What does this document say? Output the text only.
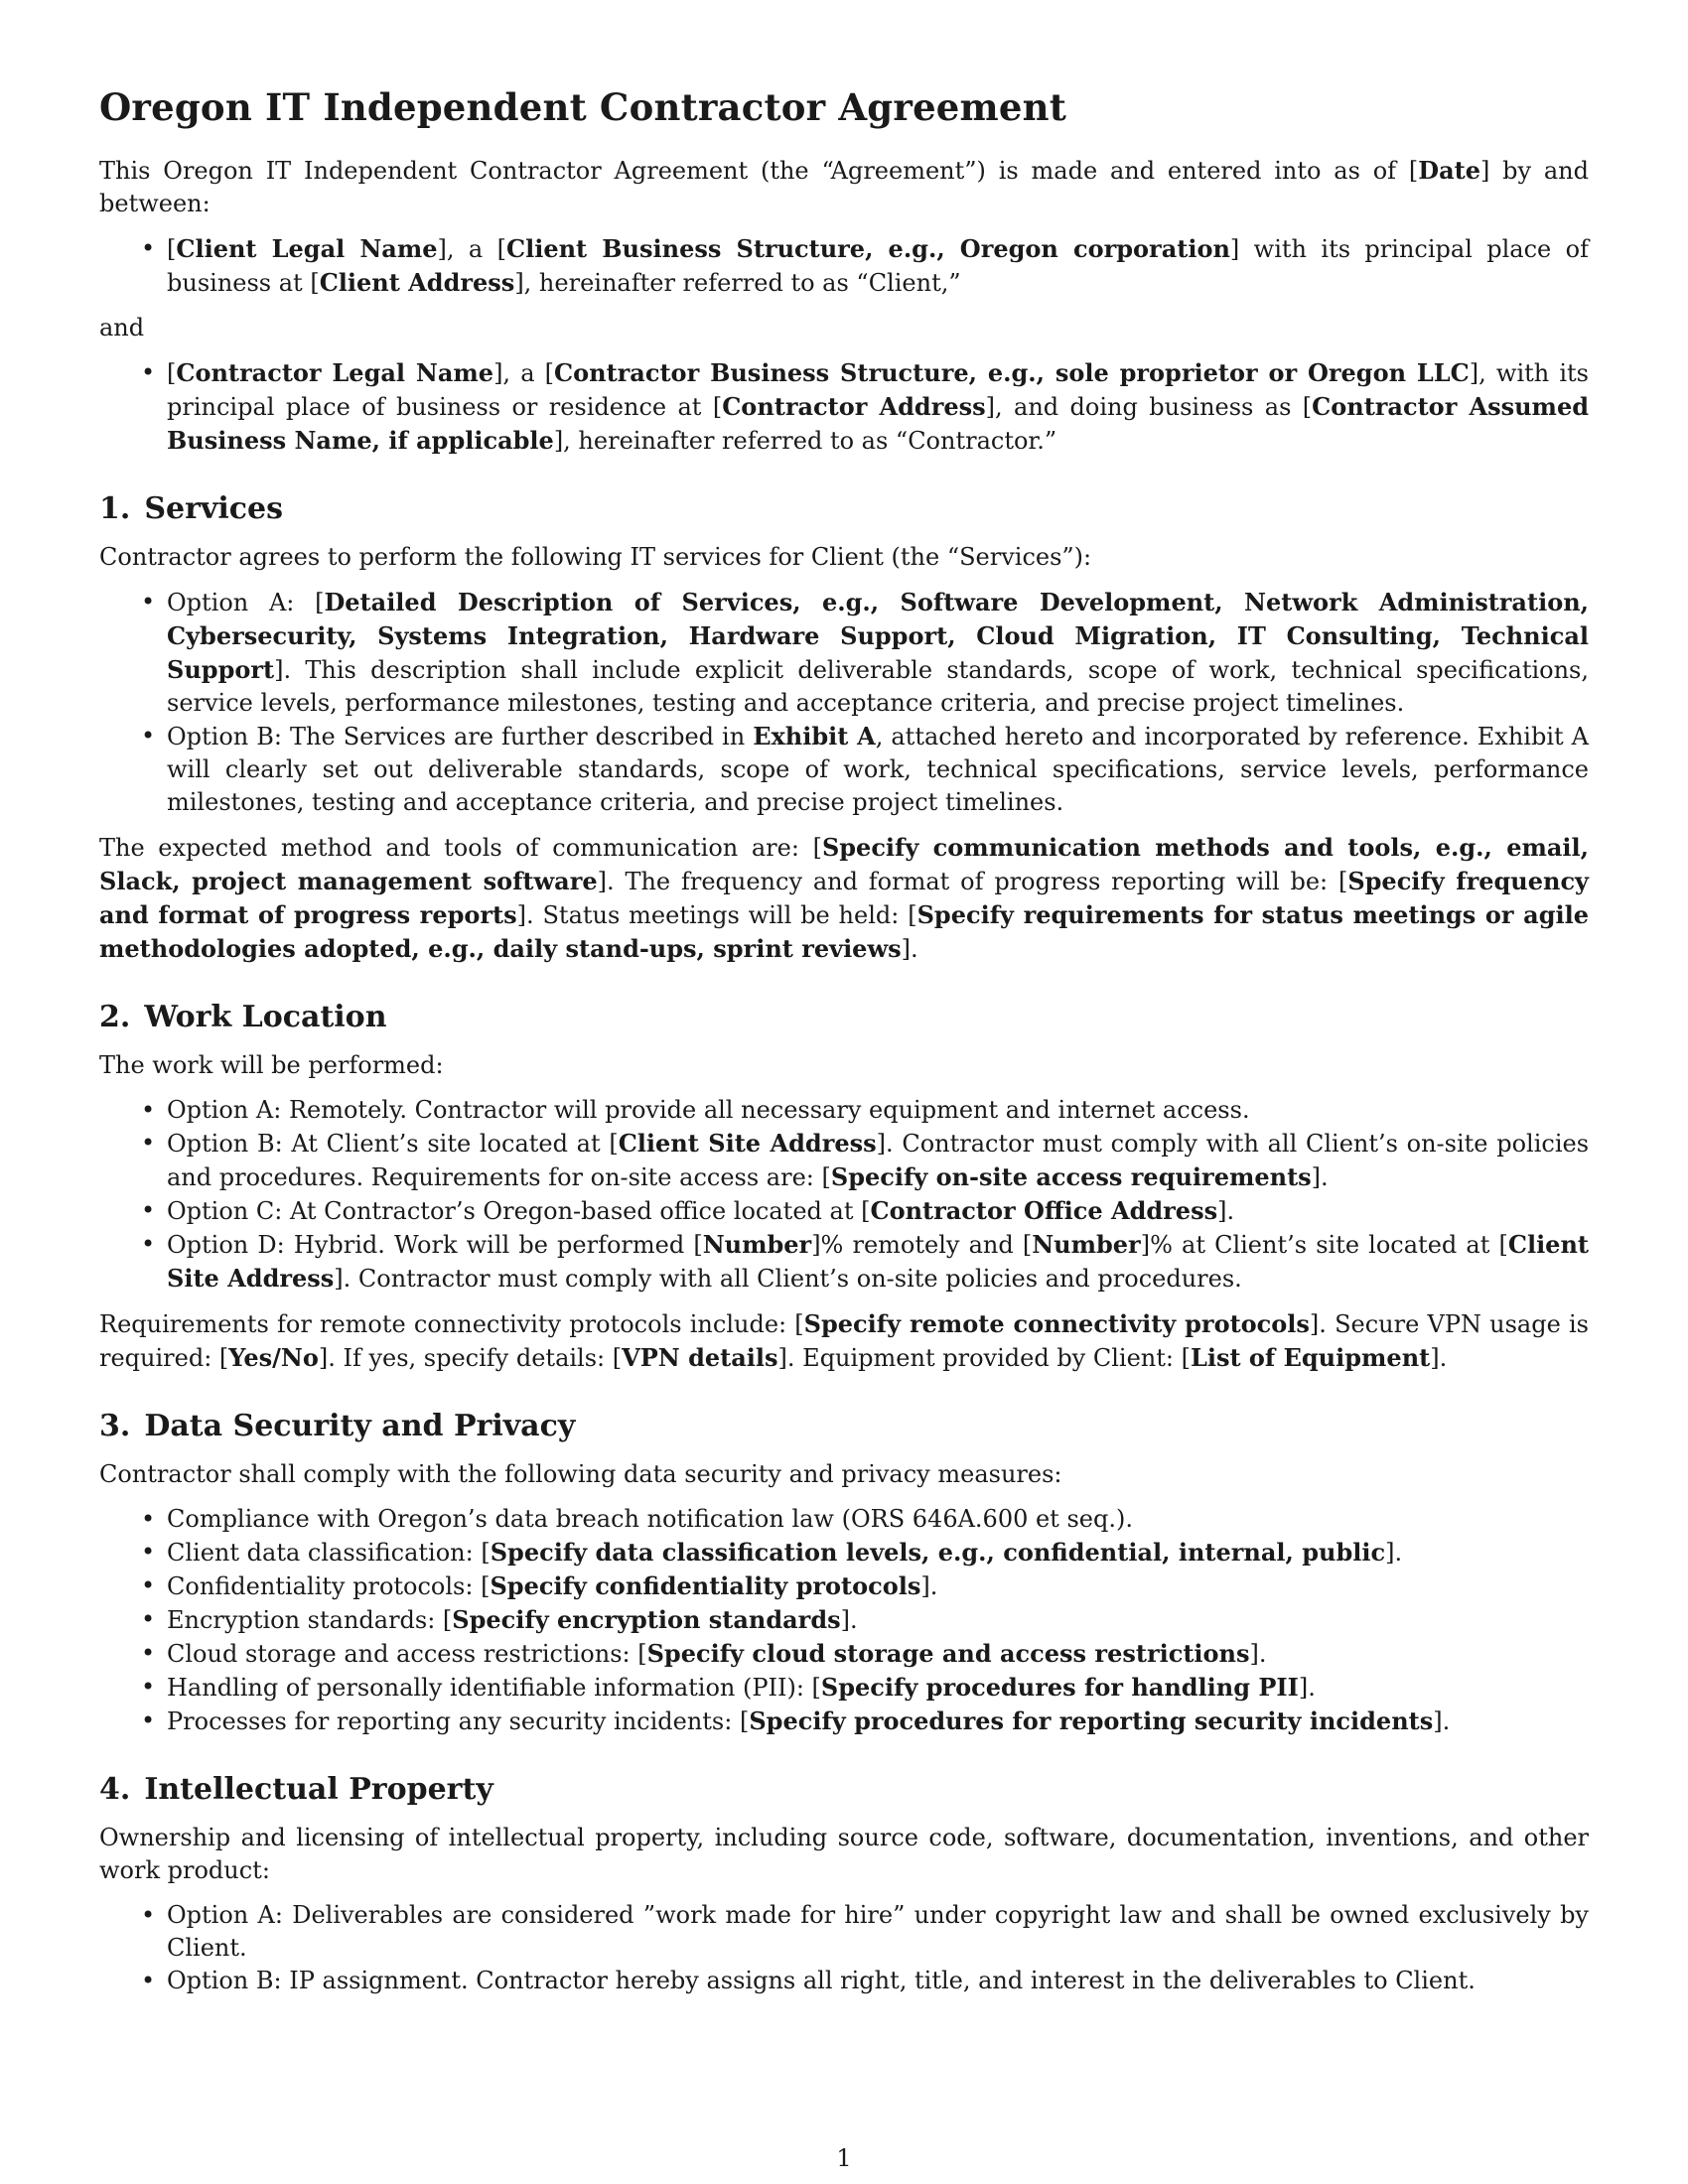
Oregon IT Independent Contractor Agreement

This Oregon IT Independent Contractor Agreement (the “Agreement”) is made and entered into as of [Date] by and between:

• [Client Legal Name], a [Client Business Structure, e.g., Oregon corporation] with its principal place of business at [Client Address], hereinafter referred to as “Client,”

and

• [Contractor Legal Name], a [Contractor Business Structure, e.g., sole proprietor or Oregon LLC], with its principal place of business or residence at [Contractor Address], and doing business as [Contractor Assumed Business Name, if applicable], hereinafter referred to as “Contractor.”
1. Services

Contractor agrees to perform the following IT services for Client (the “Services”):

• Option A: [Detailed Description of Services, e.g., Software Development, Network Administration, Cybersecurity, Systems Integration, Hardware Support, Cloud Migration, IT Consulting, Technical Support]. This description shall include explicit deliverable standards, scope of work, technical specifications, service levels, performance milestones, testing and acceptance criteria, and precise project timelines.
• Option B: The Services are further described in Exhibit A, attached hereto and incorporated by reference. Exhibit A will clearly set out deliverable standards, scope of work, technical specifications, service levels, performance milestones, testing and acceptance criteria, and precise project timelines.

The expected method and tools of communication are: [Specify communication methods and tools, e.g., email, Slack, project management software]. The frequency and format of progress reporting will be: [Specify frequency and format of progress reports]. Status meetings will be held: [Specify requirements for status meetings or agile methodologies adopted, e.g., daily stand-ups, sprint reviews].

2. Work Location

The work will be performed:

• Option A: Remotely. Contractor will provide all necessary equipment and internet access.
• Option B: At Client’s site located at [Client Site Address]. Contractor must comply with all Client’s on-site policies and procedures. Requirements for on-site access are: [Specify on-site access requirements].
• Option C: At Contractor’s Oregon-based office located at [Contractor Office Address].
• Option D: Hybrid. Work will be performed [Number]% remotely and [Number]% at Client’s site located at [Client Site Address]. Contractor must comply with all Client’s on-site policies and procedures.

Requirements for remote connectivity protocols include: [Specify remote connectivity protocols]. Secure VPN usage is required: [Yes/No]. If yes, specify details: [VPN details]. Equipment provided by Client: [List of Equipment].

3. Data Security and Privacy

Contractor shall comply with the following data security and privacy measures:

• Compliance with Oregon’s data breach notification law (ORS 646A.600 et seq.).
• Client data classification: [Specify data classification levels, e.g., confidential, internal, public].
• Confidentiality protocols: [Specify confidentiality protocols].
• Encryption standards: [Specify encryption standards].
• Cloud storage and access restrictions: [Specify cloud storage and access restrictions].
• Handling of personally identifiable information (PII): [Specify procedures for handling PII].
• Processes for reporting any security incidents: [Specify procedures for reporting security incidents].
4. Intellectual Property

Ownership and licensing of intellectual property, including source code, software, documentation, inventions, and other work product:

• Option A: Deliverables are considered ”work made for hire” under copyright law and shall be owned exclusively by Client.
• Option B: IP assignment. Contractor hereby assigns all right, title, and interest in the deliverables to Client.
1
